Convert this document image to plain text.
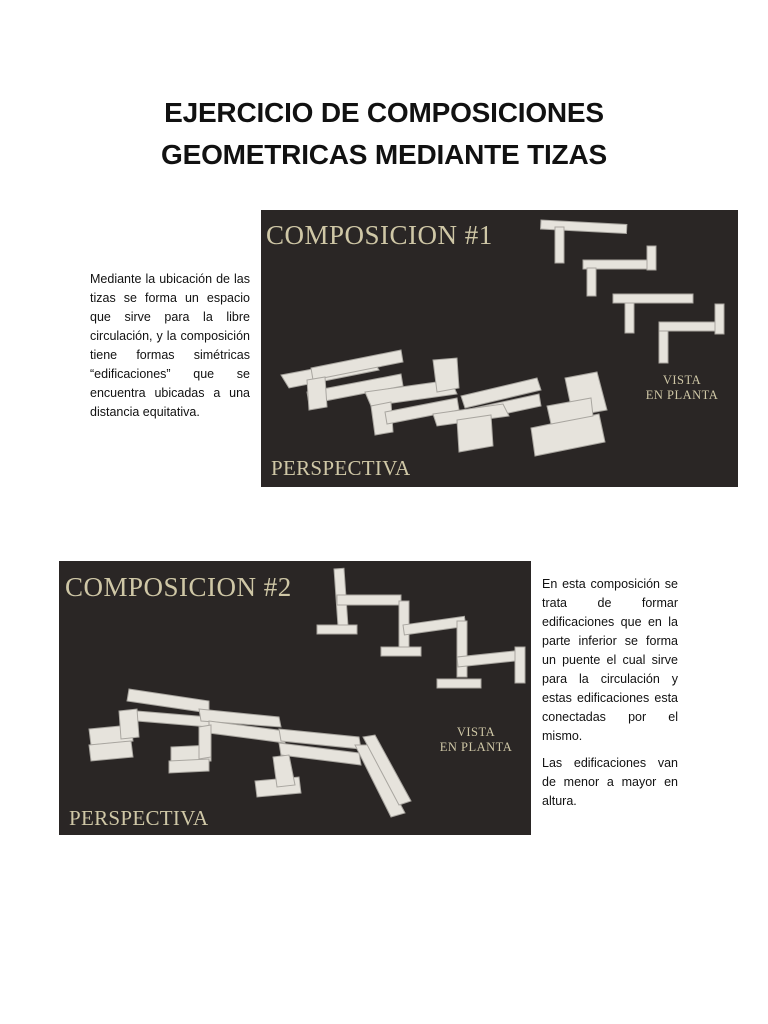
EJERCICIO DE COMPOSICIONES
GEOMETRICAS MEDIANTE TIZAS

Mediante la ubicación de las tizas se forma un espacio que sirve para la libre circulación, y la composición tiene formas simétricas “edificaciones” que se encuentra ubicadas a una distancia equitativa.

COMPOSICION #1
PERSPECTIVA
VISTA
EN PLANTA
COMPOSICION #2
PERSPECTIVA
VISTA
EN PLANTA

En esta composición se trata de formar edificaciones que en la parte inferior se forma un puente el cual sirve para la circulación y estas edificaciones esta conectadas por el mismo.

Las edificaciones van de menor a mayor en altura.
